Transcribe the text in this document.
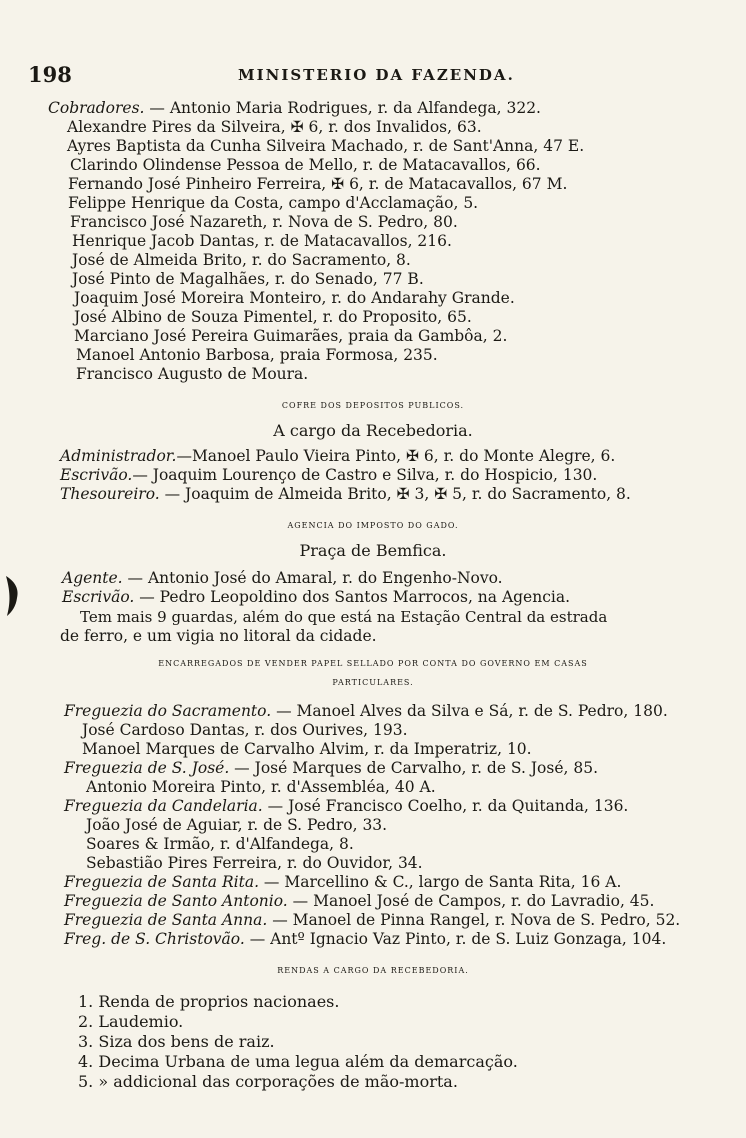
198	MINISTERIO DA FAZENDA.
Cobradores. — Antonio Maria Rodrigues, r. da Alfandega, 322.
Alexandre Pires da Silveira, ✠ 6, r. dos Invalidos, 63.
Ayres Baptista da Cunha Silveira Machado, r. de Sant'Anna, 47 E.
Clarindo Olindense Pessoa de Mello, r. de Matacavallos, 66.
Fernando José Pinheiro Ferreira, ✠ 6, r. de Matacavallos, 67 M.
Felippe Henrique da Costa, campo d'Acclamação, 5.
Francisco José Nazareth, r. Nova de S. Pedro, 80.
Henrique Jacob Dantas, r. de Matacavallos, 216.
José de Almeida Brito, r. do Sacramento, 8.
José Pinto de Magalhães, r. do Senado, 77 B.
Joaquim José Moreira Monteiro, r. do Andarahy Grande.
José Albino de Souza Pimentel, r. do Proposito, 65.
Marciano José Pereira Guimarães, praia da Gambôa, 2.
Manoel Antonio Barbosa, praia Formosa, 235.
Francisco Augusto de Moura.
COFRE DOS DEPOSITOS PUBLICOS.
A cargo da Recebedoria.
Administrador.—Manoel Paulo Vieira Pinto, ✠ 6, r. do Monte Alegre, 6.
Escrivão.— Joaquim Lourenço de Castro e Silva, r. do Hospicio, 130.
Thesoureiro. — Joaquim de Almeida Brito, ✠ 3, ✠ 5, r. do Sacramento, 8.
AGENCIA DO IMPOSTO DO GADO.
Praça de Bemfica.
Agente. — Antonio José do Amaral, r. do Engenho-Novo.
Escrivão. — Pedro Leopoldino dos Santos Marrocos, na Agencia.
Tem mais 9 guardas, além do que está na Estação Central da estrada
de ferro, e um vigia no litoral da cidade.
ENCARREGADOS DE VENDER PAPEL SELLADO POR CONTA DO GOVERNO EM CASAS
PARTICULARES.
Freguezia do Sacramento. — Manoel Alves da Silva e Sá, r. de S. Pedro, 180.
José Cardoso Dantas, r. dos Ourives, 193.
Manoel Marques de Carvalho Alvim, r. da Imperatriz, 10.
Freguezia de S. José. — José Marques de Carvalho, r. de S. José, 85.
Antonio Moreira Pinto, r. d'Assembléa, 40 A.
Freguezia da Candelaria. — José Francisco Coelho, r. da Quitanda, 136.
João José de Aguiar, r. de S. Pedro, 33.
Soares & Irmão, r. d'Alfandega, 8.
Sebastião Pires Ferreira, r. do Ouvidor, 34.
Freguezia de Santa Rita. — Marcellino & C., largo de Santa Rita, 16 A.
Freguezia de Santo Antonio. — Manoel José de Campos, r. do Lavradio, 45.
Freguezia de Santa Anna. — Manoel de Pinna Rangel, r. Nova de S. Pedro, 52.
Freg. de S. Christovão. — Antº Ignacio Vaz Pinto, r. de S. Luiz Gonzaga, 104.
RENDAS A CARGO DA RECEBEDORIA.
1. Renda de proprios nacionaes.
2. Laudemio.
3. Siza dos bens de raiz.
4. Decima Urbana de uma legua além da demarcação.
5. » addicional das corporações de mão-morta.
